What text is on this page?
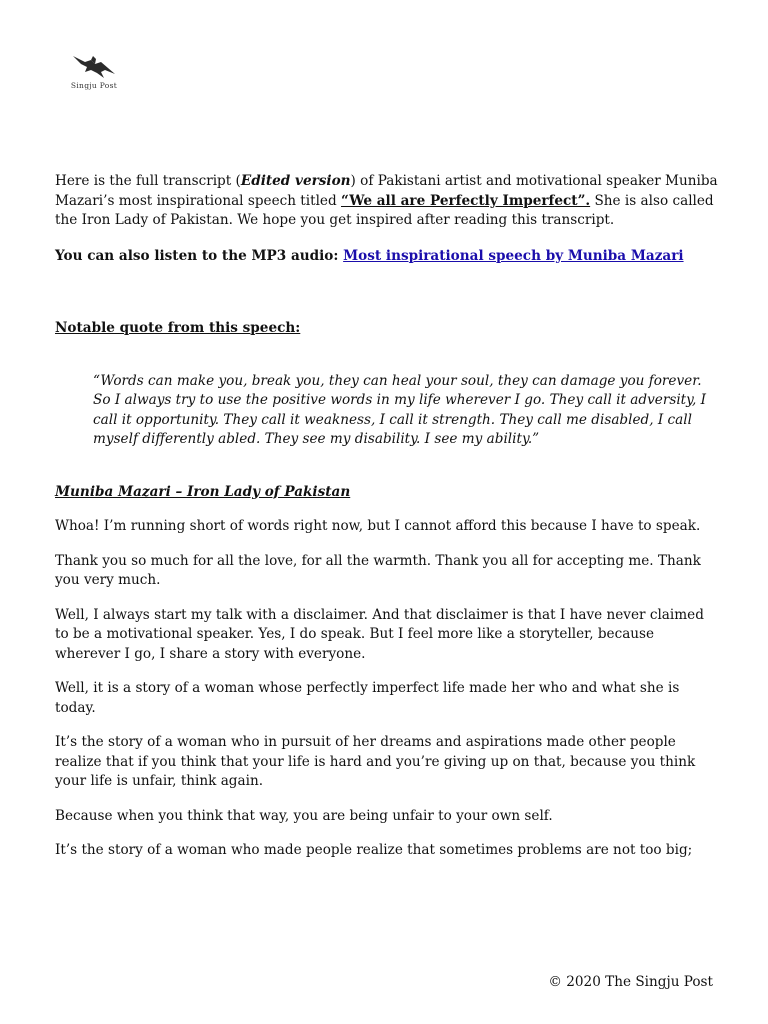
Singju Post

Here is the full transcript (Edited version) of Pakistani artist and motivational speaker Muniba Mazari’s most inspirational speech titled “We all are Perfectly Imperfect”. She is also called the Iron Lady of Pakistan. We hope you get inspired after reading this transcript.

You can also listen to the MP3 audio: Most inspirational speech by Muniba Mazari

Notable quote from this speech:

“Words can make you, break you, they can heal your soul, they can damage you forever. So I always try to use the positive words in my life wherever I go. They call it adversity, I call it opportunity. They call it weakness, I call it strength. They call me disabled, I call myself differently abled. They see my disability. I see my ability.”

Muniba Mazari – Iron Lady of Pakistan

Whoa! I’m running short of words right now, but I cannot afford this because I have to speak.

Thank you so much for all the love, for all the warmth. Thank you all for accepting me. Thank you very much.

Well, I always start my talk with a disclaimer. And that disclaimer is that I have never claimed to be a motivational speaker. Yes, I do speak. But I feel more like a storyteller, because wherever I go, I share a story with everyone.

Well, it is a story of a woman whose perfectly imperfect life made her who and what she is today.

It’s the story of a woman who in pursuit of her dreams and aspirations made other people realize that if you think that your life is hard and you’re giving up on that, because you think your life is unfair, think again.

Because when you think that way, you are being unfair to your own self.

It’s the story of a woman who made people realize that sometimes problems are not too big;

© 2020 The Singju Post
